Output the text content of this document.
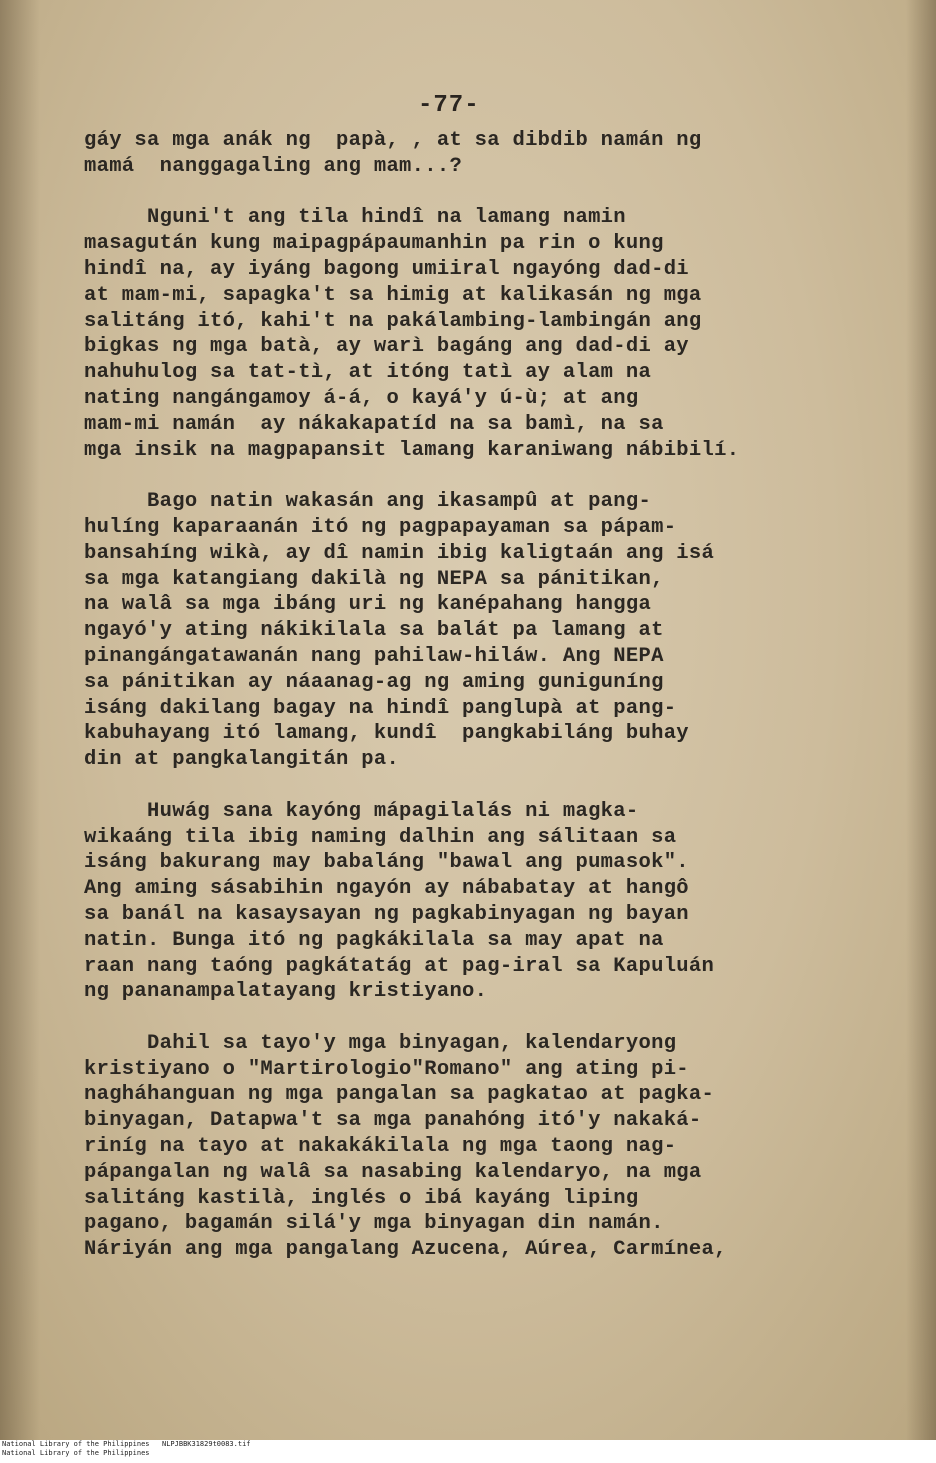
-77-
gáy sa mga anák ng  papà, , at sa dibdib namán ng
mamá  nanggagaling ang mam...?
Nguni't ang tila hindî na lamang namin
masagután kung maipagpápaumanhin pa rin o kung
hindî na, ay iyáng bagong umiiral ngayóng dad-di
at mam-mi, sapagka't sa himig at kalikasán ng mga
salitáng itó, kahi't na pakálambing-lambingán ang
bigkas ng mga batà, ay warì bagáng ang dad-di ay
nahuhulog sa tat-tì, at itóng tatì ay alam na
nating nangángamoy á-á, o kayá'y ú-ù; at ang
mam-mi namán  ay nákakapatíd na sa bamì, na sa
mga insik na magpapansit lamang karaniwang nábibilí.
Bago natin wakasán ang ikasampû at pang-
hulíng kaparaanán itó ng pagpapayaman sa pápam-
bansahíng wikà, ay dî namin ibig kaligtaán ang isá
sa mga katangiang dakilà ng NEPA sa pánitikan,
na walâ sa mga ibáng uri ng kanépahang hangga
ngayó'y ating nákikilala sa balát pa lamang at
pinangángatawanán nang pahilaw-hiláw. Ang NEPA
sa pánitikan ay náaanag-ag ng aming guniguníng
isáng dakilang bagay na hindî panglupà at pang-
kabuhayang itó lamang, kundî  pangkabiláng buhay
din at pangkalangitán pa.
Huwág sana kayóng mápagilalás ni magka-
wikaáng tila ibig naming dalhin ang sálitaan sa
isáng bakurang may babaláng "bawal ang pumasok".
Ang aming sásabihin ngayón ay nábabatay at hangô
sa banál na kasaysayan ng pagkabinyagan ng bayan
natin. Bunga itó ng pagkákilala sa may apat na
raan nang taóng pagkátatág at pag-iral sa Kapuluán
ng pananampalatayang kristiyano.
Dahil sa tayo'y mga binyagan, kalendaryong
kristiyano o "Martirologio"Romano" ang ating pi-
nagháhanguan ng mga pangalan sa pagkatao at pagka-
binyagan, Datapwa't sa mga panahóng itó'y nakaká-
riníg na tayo at nakakákilala ng mga taong nag-
pápangalan ng walâ sa nasabing kalendaryo, na mga
salitáng kastilà, inglés o ibá kayáng liping
pagano, bagamán silá'y mga binyagan din namán.
Náriyán ang mga pangalang Azucena, Aúrea, Carmínea,
National Library of the Philippines
National Library of the Philippines
NLPJBBK31829t0083.tif
